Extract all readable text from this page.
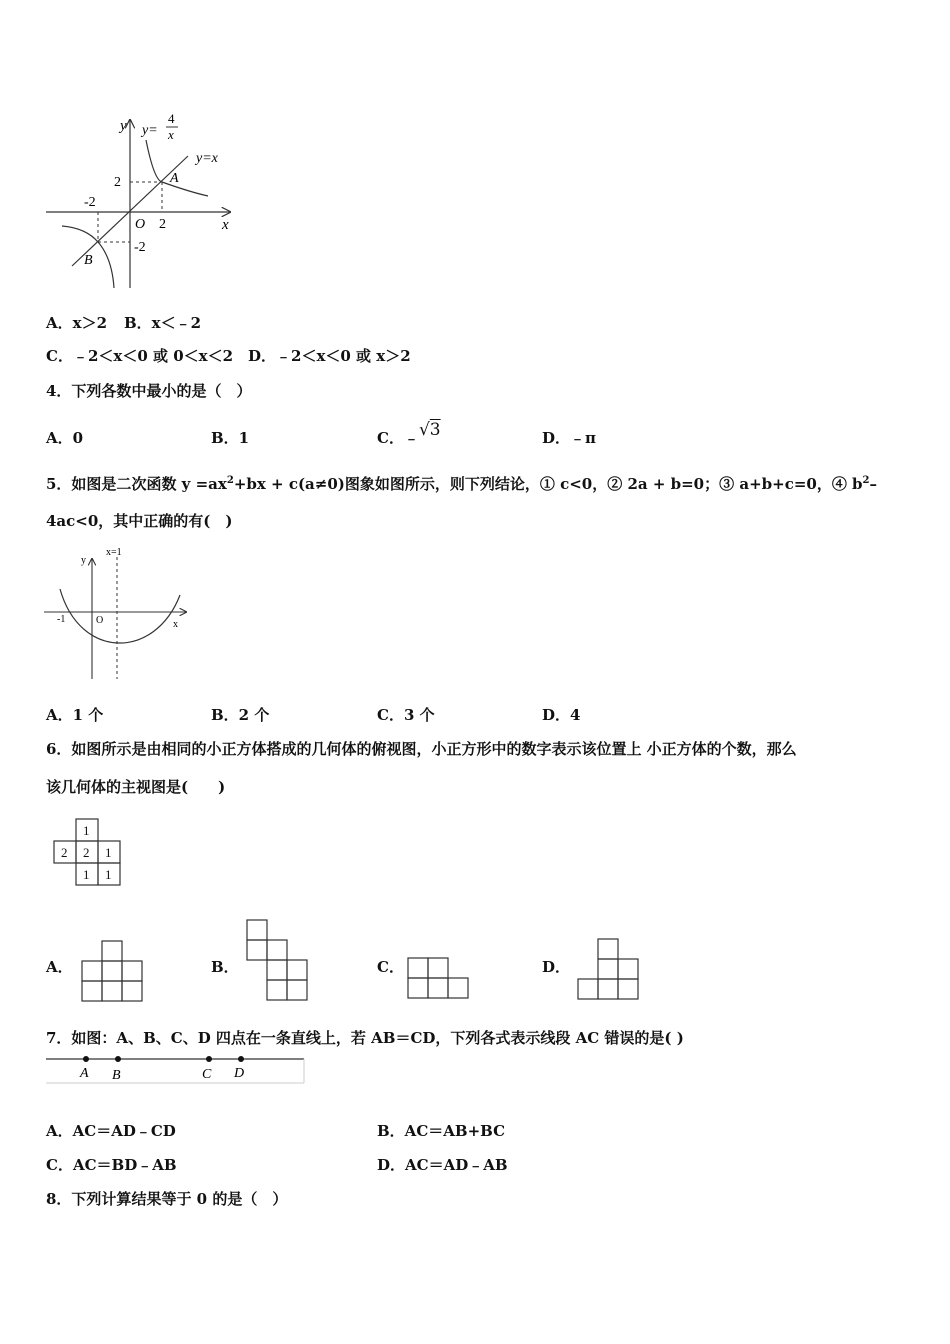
y y=
4
x
y=x
2	A
-2
O 2	x
-2
B
A．x＞2 B．x＜﹣2
C．﹣2＜x＜0 或 0＜x＜2 D．﹣2＜x＜0 或 x＞2
4．下列各数中最小的是（　）
A．0	B．1	C．﹣√3	D．﹣π
5．如图是二次函数 $y =ax^2+bx + c(a\ne 0)$图象如图所示，则下列结论，① c<0，② 2a + b=0；③ a+b+c=0，④ $b^2-$
4ac<0，其中正确的有(　)
x=1
y
-1	O	x
A．1 个	B．2 个	C．3 个	D．4
6．如图所示是由相同的小正方体搭成的几何体的俯视图，小正方形中的数字表示该位置上 小正方体的个数，那么
该几何体的主视图是(　　)
1
2 2 1
1 1
A．	B．	C．	D．
7．如图：A、B、C、D 四点在一条直线上，若 AB＝CD，下列各式表示线段 AC 错误的是( )
A B	C D
A．AC＝AD﹣CD	B．AC＝AB+BC
C．AC＝BD﹣AB	D．AC＝AD﹣AB
8．下列计算结果等于 0 的是（　）
